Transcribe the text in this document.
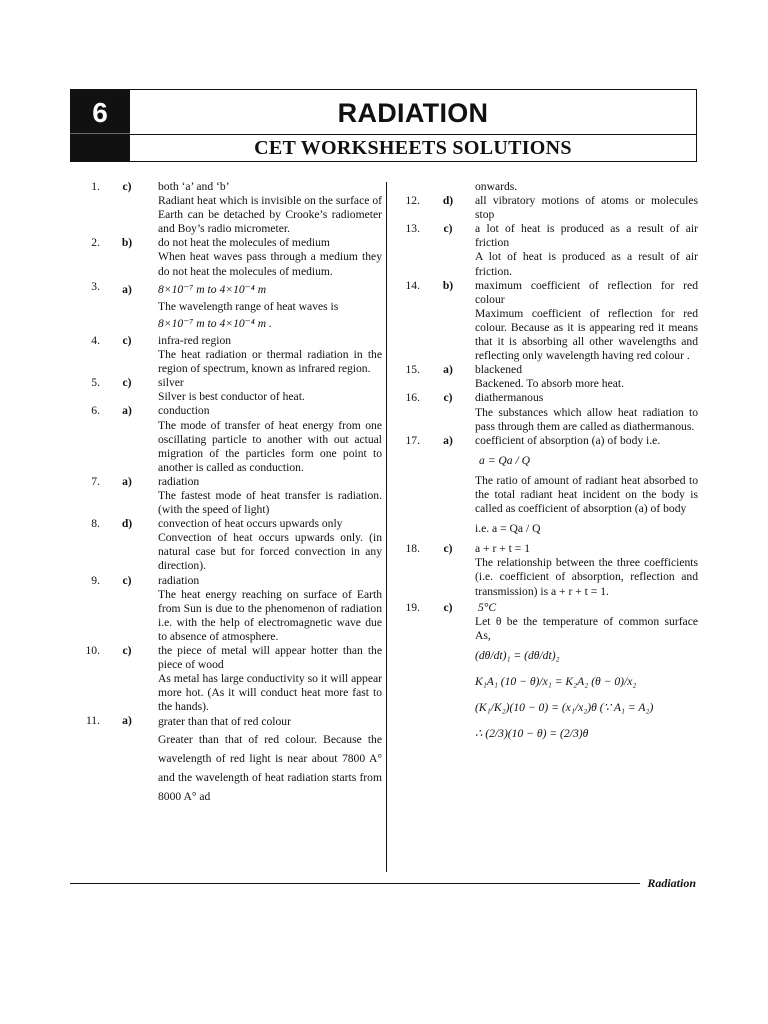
6	RADIATION
CET WORKSHEETS SOLUTIONS
1.	c)	both ‘a’ and ‘b’
Radiant heat which is invisible on the surface of Earth can be detached by Crooke’s radiometer and Boy’s radio micrometer.
2.	b)	do not heat the molecules of medium
When heat waves pass through a medium they do not heat the molecules of medium.
3.	a)	8×10⁻⁷ m to 4×10⁻⁴ m
The wavelength range of heat waves is
8×10⁻⁷ m to 4×10⁻⁴ m .
4.	c)	infra-red region
The heat radiation or thermal radiation in the region of spectrum, known as infrared region.
5.	c)	silver
Silver is best conductor of heat.
6.	a)	conduction
The mode of transfer of heat energy from one oscillating particle to another with out actual migration of the particles form one point to another is called as conduction.
7.	a)	radiation
The fastest mode of heat transfer is radiation. (with the speed of light)
8.	d)	convection of heat occurs upwards only
Convection of heat occurs upwards only. (in natural case but for forced convection in any direction).
9.	c)	radiation
The heat energy reaching on surface of Earth from Sun is due to the phenomenon of radiation i.e. with the help of electromagnetic wave due to absence of atmosphere.
10.	c)	the piece of metal will appear hotter than the piece of wood
As metal has large conductivity so it will appear more hot. (As it will conduct heat more fast to the hands).
11.	a)	grater than that of red colour
Greater than that of red colour. Because the wavelength of red light is near about 7800 A° and the wavelength of heat radiation starts from 8000 A° ad
onwards.
12.	d)	all vibratory motions of atoms or molecules stop
13.	c)	a lot of heat is produced as a result of air friction
A lot of heat is produced as a result of air friction.
14.	b)	maximum coefficient of reflection for red colour
Maximum coefficient of reflection for red colour. Because as it is appearing red it means that it is absorbing all other wavelengths and reflecting only wavelength having red colour .
15.	a)	blackened
Backened. To absorb more heat.
16.	c)	diathermanous
The substances which allow heat radiation to pass through them are called as diathermanous.
17.	a)	coefficient of absorption (a) of body i.e.
a = Qa / Q
The ratio of amount of radiant heat absorbed to the total radiant heat incident on the body is called as coefficient of absorption (a) of body
i.e. a = Qa / Q
18.	c)	a + r + t = 1
The relationship between the three coefficients (i.e. coefficient of absorption, reflection and transmission) is a + r + t = 1.
19.	c)	5°C
Let θ be the temperature of common surface As,
(dθ/dt)₁ = (dθ/dt)₂
K₁A₁ (10 − θ)/x₁ = K₂A₂ (θ − 0)/x₂
(K₁/K₂)(10 − 0) = (x₁/x₂)θ (∵ A₁ = A₂)
∴ (2/3)(10 − θ) = (2/3)θ
Radiation
